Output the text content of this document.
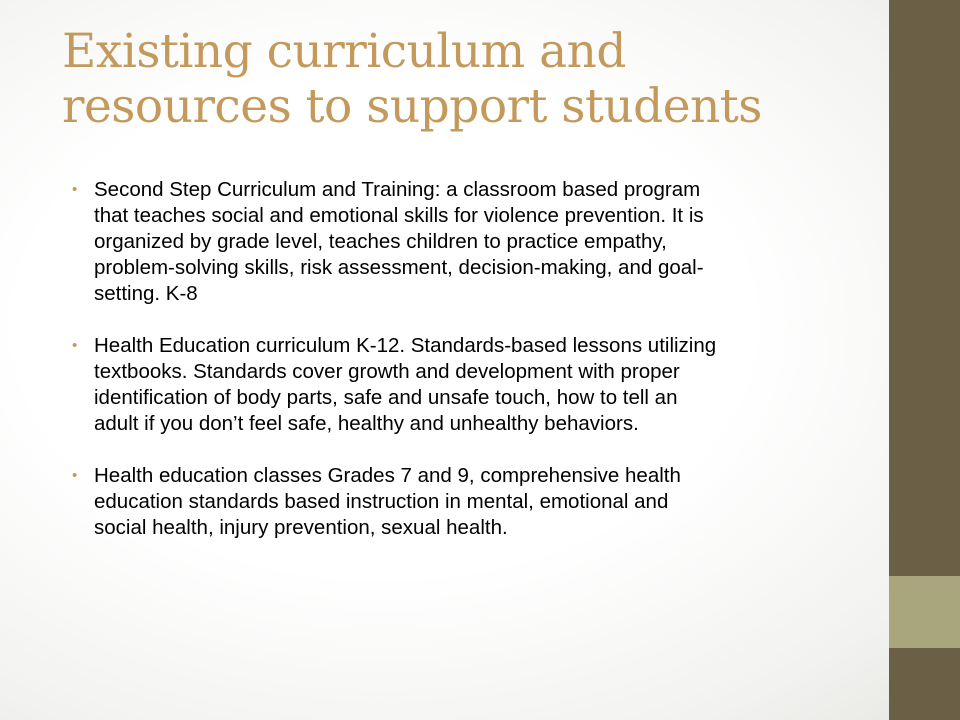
Existing curriculum and
resources to support students
• Second Step Curriculum and Training: a classroom based program
that teaches social and emotional skills for violence prevention. It is
organized by grade level, teaches children to practice empathy,
problem-solving skills, risk assessment, decision-making, and goal-
setting. K-8
• Health Education curriculum K-12. Standards-based lessons utilizing
textbooks. Standards cover growth and development with proper
identification of body parts, safe and unsafe touch, how to tell an
adult if you don’t feel safe, healthy and unhealthy behaviors.
• Health education classes Grades 7 and 9, comprehensive health
education standards based instruction in mental, emotional and
social health, injury prevention, sexual health.
